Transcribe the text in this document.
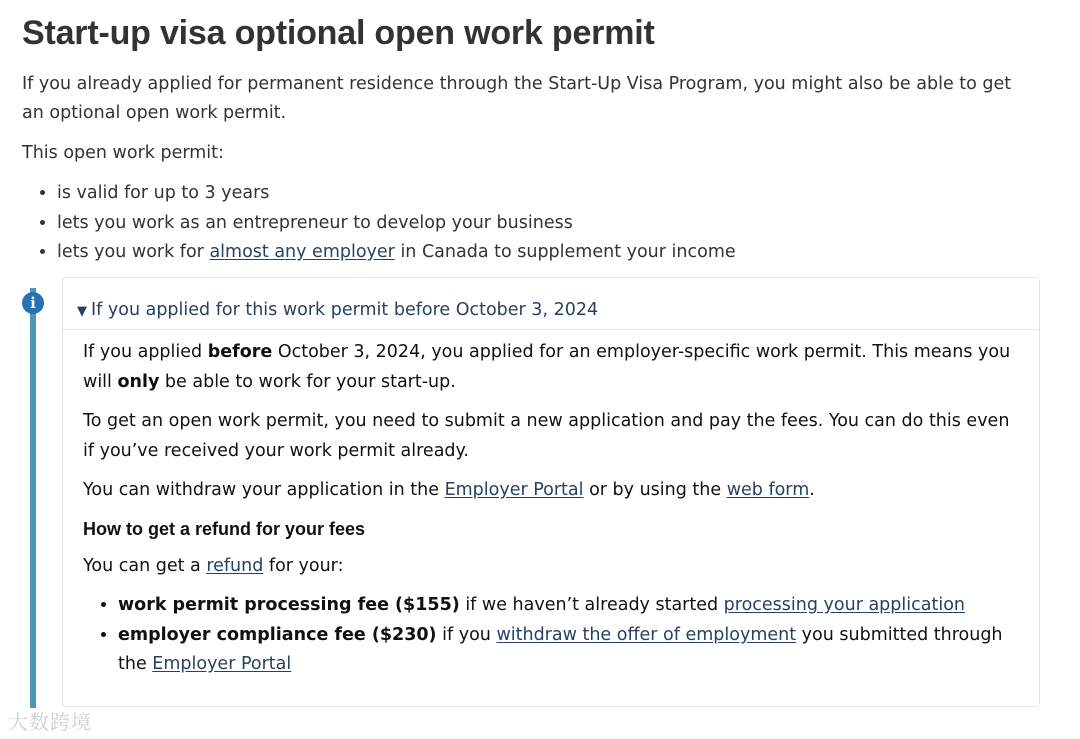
Start-up visa optional open work permit

If you already applied for permanent residence through the Start-Up Visa Program, you might also be able to get an optional open work permit.

This open work permit:

• is valid for up to 3 years
• lets you work as an entrepreneur to develop your business
• lets you work for almost any employer in Canada to supplement your income
i	▼ If you applied for this work permit before October 3, 2024

If you applied before October 3, 2024, you applied for an employer-specific work permit. This means you will only be able to work for your start-up.

To get an open work permit, you need to submit a new application and pay the fees. You can do this even if you’ve received your work permit already.

You can withdraw your application in the Employer Portal or by using the web form.

How to get a refund for your fees

You can get a refund for your:

• work permit processing fee ($155) if we haven’t already started processing your application
• employer compliance fee ($230) if you withdraw the offer of employment you submitted through the Employer Portal
大数跨境
